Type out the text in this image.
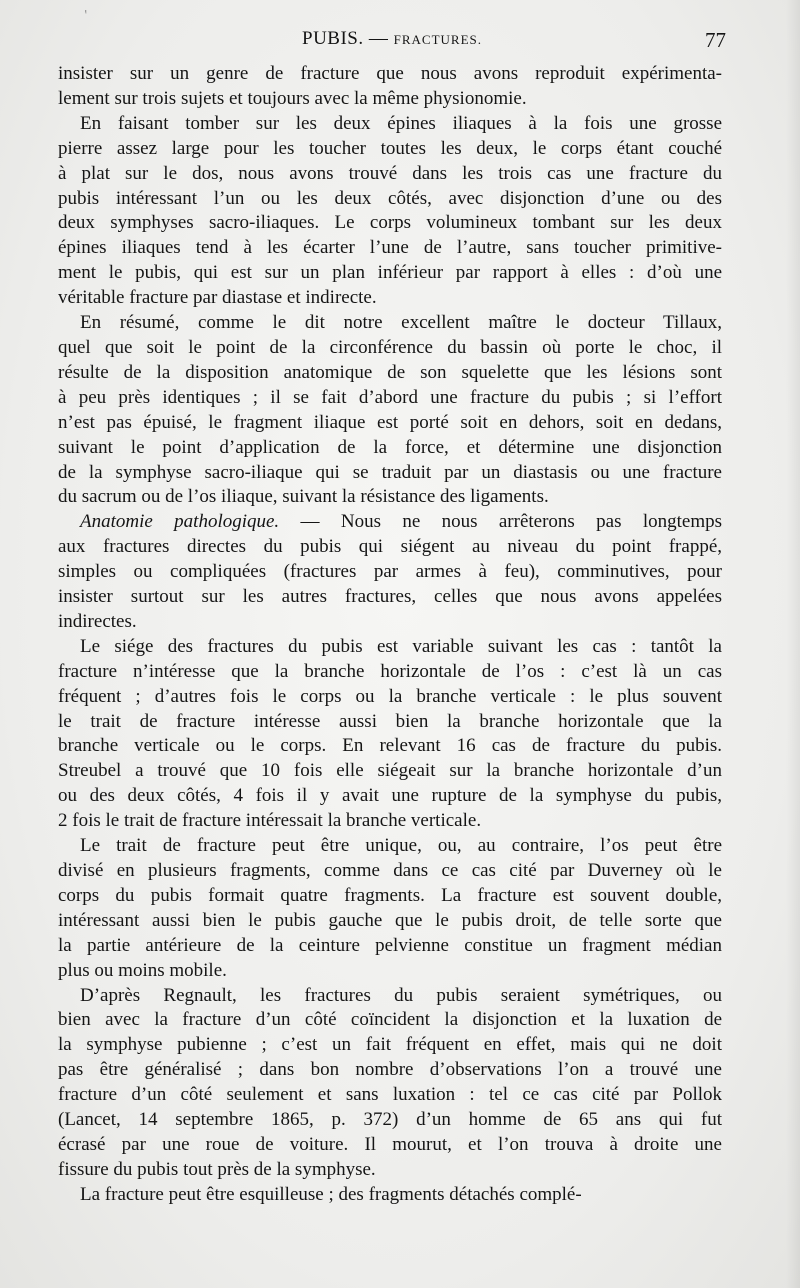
′
PUBIS. — FRACTURES.	77

insister sur un genre de fracture que nous avons reproduit expérimenta-
lement sur trois sujets et toujours avec la même physionomie.

En faisant tomber sur les deux épines iliaques à la fois une grosse
pierre assez large pour les toucher toutes les deux, le corps étant couché
à plat sur le dos, nous avons trouvé dans les trois cas une fracture du
pubis intéressant l’un ou les deux côtés, avec disjonction d’une ou des
deux symphyses sacro-iliaques. Le corps volumineux tombant sur les deux
épines iliaques tend à les écarter l’une de l’autre, sans toucher primitive-
ment le pubis, qui est sur un plan inférieur par rapport à elles : d’où une
véritable fracture par diastase et indirecte.

En résumé, comme le dit notre excellent maître le docteur Tillaux,
quel que soit le point de la circonférence du bassin où porte le choc, il
résulte de la disposition anatomique de son squelette que les lésions sont
à peu près identiques ; il se fait d’abord une fracture du pubis ; si l’effort
n’est pas épuisé, le fragment iliaque est porté soit en dehors, soit en dedans,
suivant le point d’application de la force, et détermine une disjonction
de la symphyse sacro-iliaque qui se traduit par un diastasis ou une fracture
du sacrum ou de l’os iliaque, suivant la résistance des ligaments.

Anatomie pathologique. — Nous ne nous arrêterons pas longtemps
aux fractures directes du pubis qui siégent au niveau du point frappé,
simples ou compliquées (fractures par armes à feu), comminutives, pour
insister surtout sur les autres fractures, celles que nous avons appelées
indirectes.

Le siége des fractures du pubis est variable suivant les cas : tantôt la
fracture n’intéresse que la branche horizontale de l’os : c’est là un cas
fréquent ; d’autres fois le corps ou la branche verticale : le plus souvent
le trait de fracture intéresse aussi bien la branche horizontale que la
branche verticale ou le corps. En relevant 16 cas de fracture du pubis.
Streubel a trouvé que 10 fois elle siégeait sur la branche horizontale d’un
ou des deux côtés, 4 fois il y avait une rupture de la symphyse du pubis,
2 fois le trait de fracture intéressait la branche verticale.

Le trait de fracture peut être unique, ou, au contraire, l’os peut être
divisé en plusieurs fragments, comme dans ce cas cité par Duverney où le
corps du pubis formait quatre fragments. La fracture est souvent double,
intéressant aussi bien le pubis gauche que le pubis droit, de telle sorte que
la partie antérieure de la ceinture pelvienne constitue un fragment médian
plus ou moins mobile.

D’après Regnault, les fractures du pubis seraient symétriques, ou
bien avec la fracture d’un côté coïncident la disjonction et la luxation de
la symphyse pubienne ; c’est un fait fréquent en effet, mais qui ne doit
pas être généralisé ; dans bon nombre d’observations l’on a trouvé une
fracture d’un côté seulement et sans luxation : tel ce cas cité par Pollok
(Lancet, 14 septembre 1865, p. 372) d’un homme de 65 ans qui fut
écrasé par une roue de voiture. Il mourut, et l’on trouva à droite une
fissure du pubis tout près de la symphyse.

La fracture peut être esquilleuse ; des fragments détachés complé-
